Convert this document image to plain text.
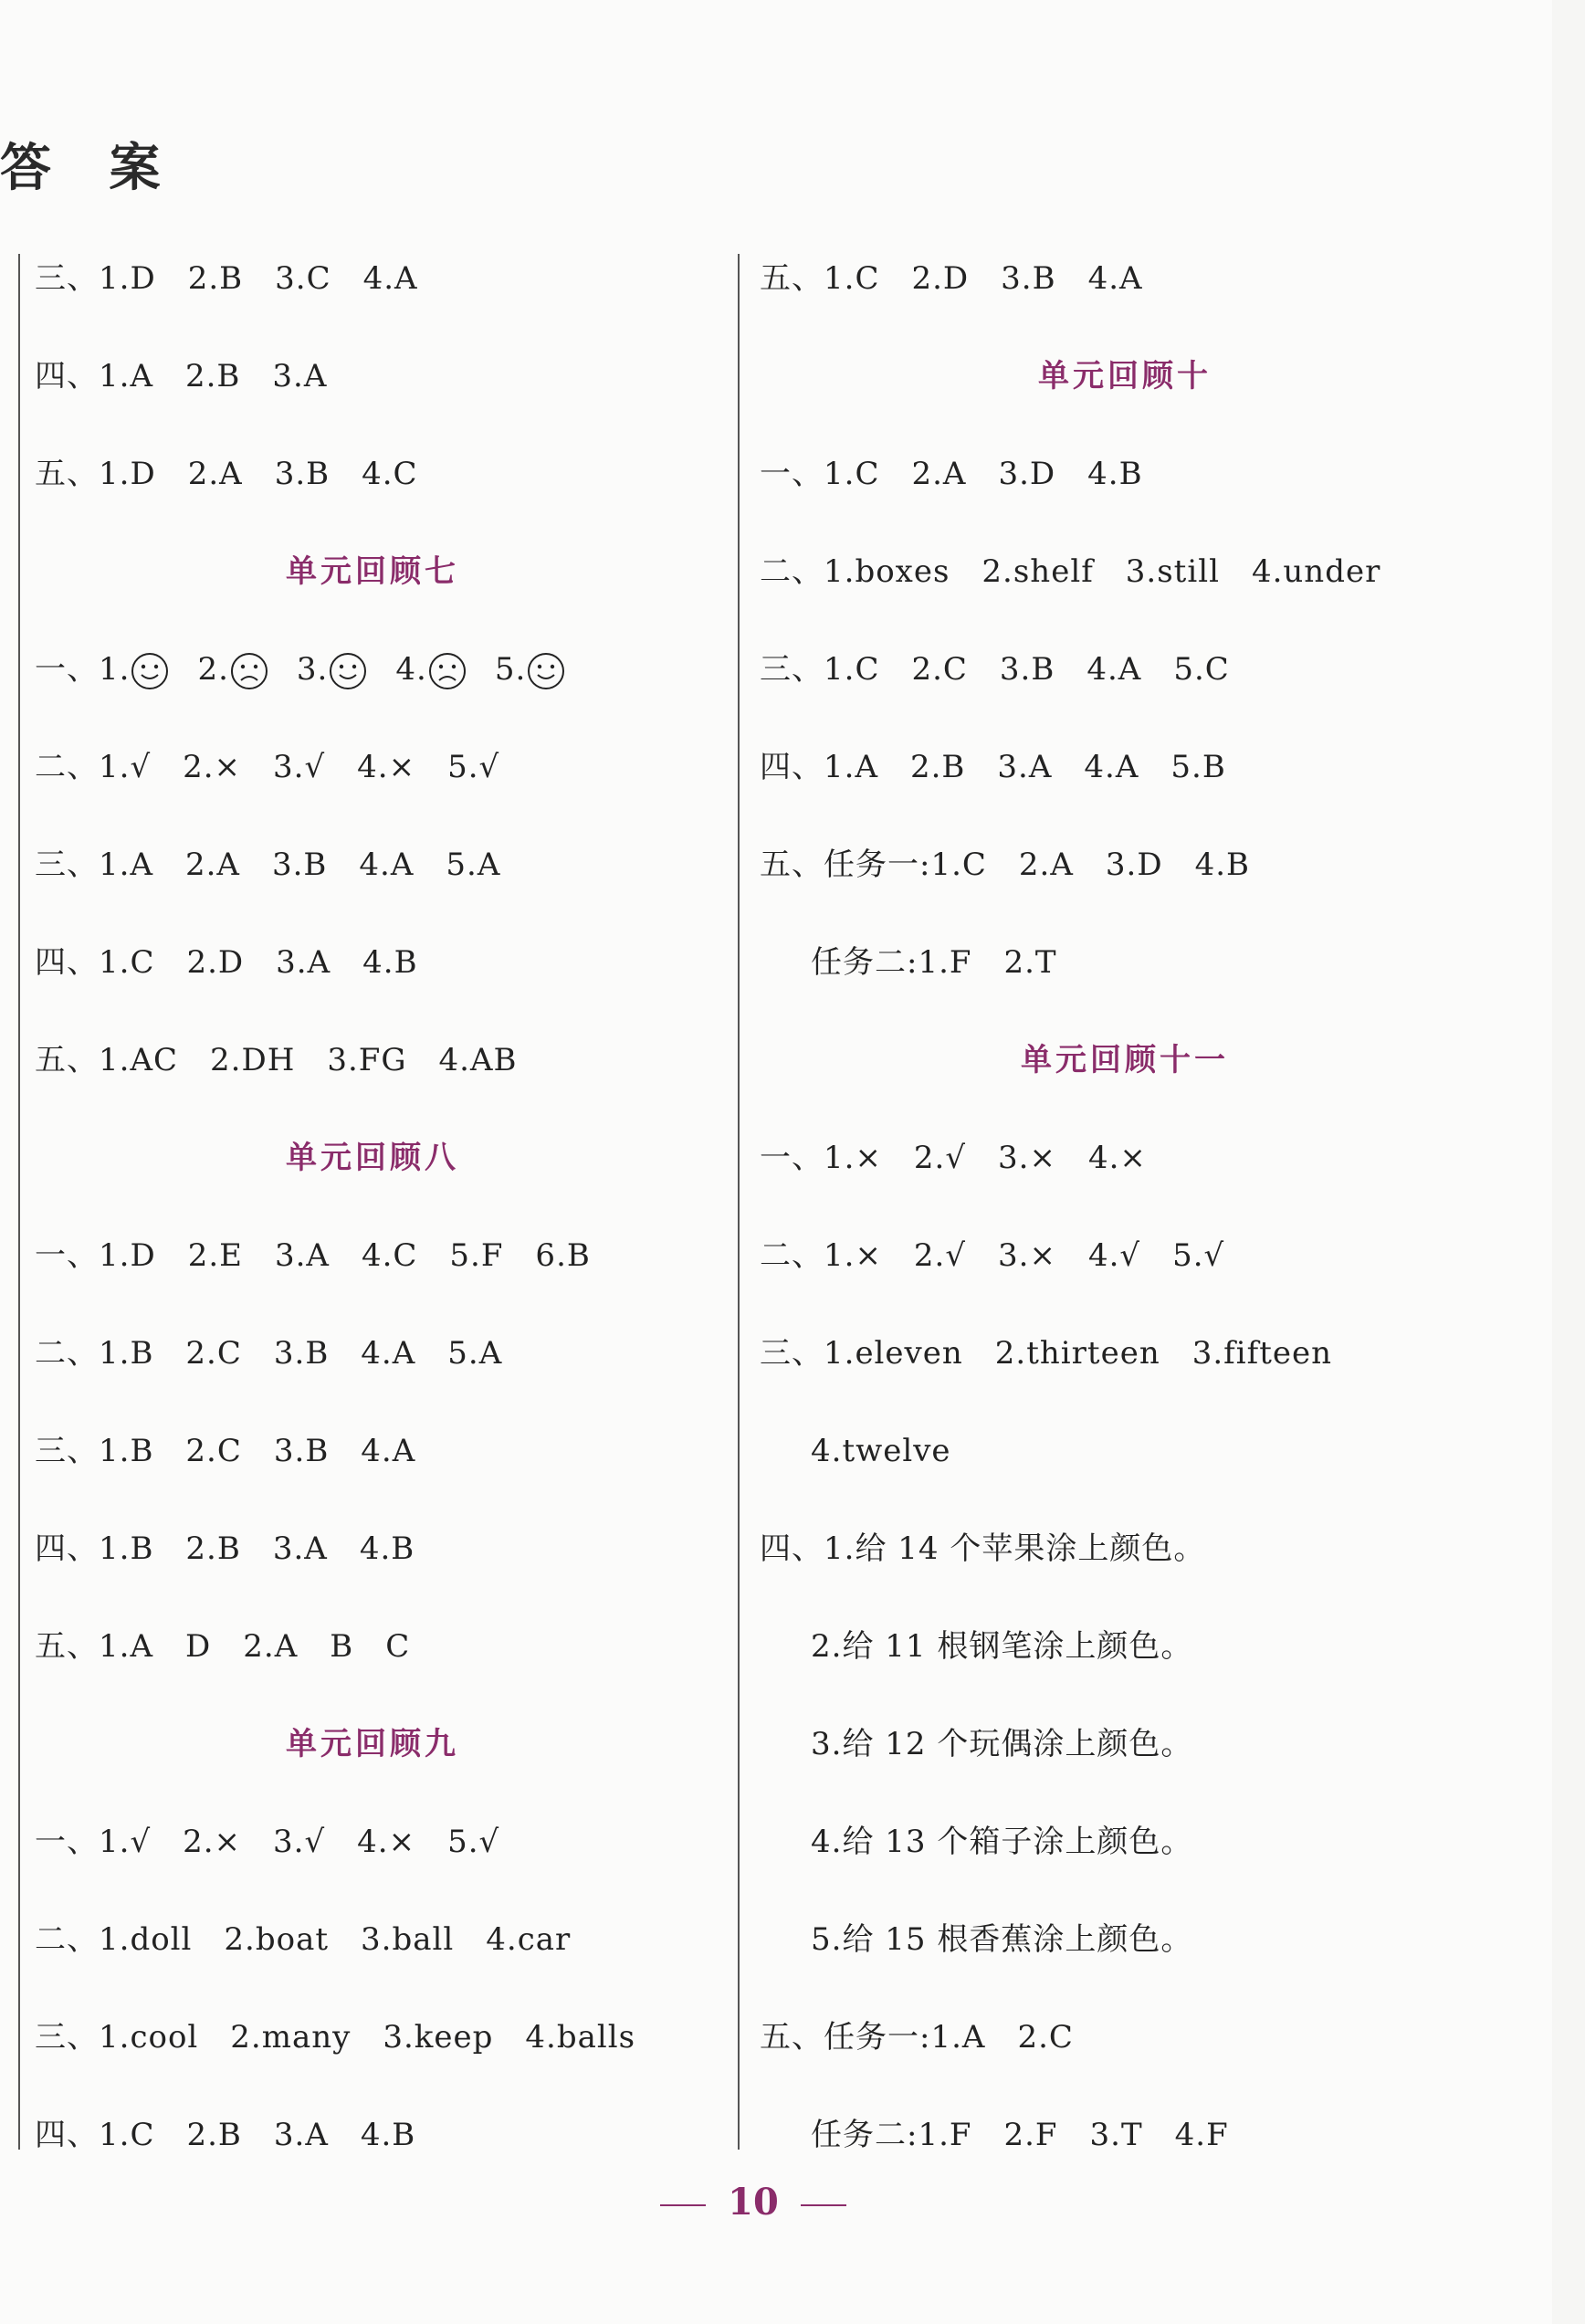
答 案
三、1.D　2.B　3.C　4.A
四、1.A　2.B　3.A
五、1.D　2.A　3.B　4.C
单元回顾七
一、1. 2. 3. 4. 5.
二、1.√　2.×　3.√　4.×　5.√
三、1.A　2.A　3.B　4.A　5.A
四、1.C　2.D　3.A　4.B
五、1.AC　2.DH　3.FG　4.AB
单元回顾八
一、1.D　2.E　3.A　4.C　5.F　6.B
二、1.B　2.C　3.B　4.A　5.A
三、1.B　2.C　3.B　4.A
四、1.B　2.B　3.A　4.B
五、1.A　D　2.A　B　C
单元回顾九
一、1.√　2.×　3.√　4.×　5.√
二、1.doll　2.boat　3.ball　4.car
三、1.cool　2.many　3.keep　4.balls
四、1.C　2.B　3.A　4.B
五、1.C　2.D　3.B　4.A
单元回顾十
一、1.C　2.A　3.D　4.B
二、1.boxes　2.shelf　3.still　4.under
三、1.C　2.C　3.B　4.A　5.C
四、1.A　2.B　3.A　4.A　5.B
五、任务一:1.C　2.A　3.D　4.B
任务二:1.F　2.T
单元回顾十一
一、1.×　2.√　3.×　4.×
二、1.×　2.√　3.×　4.√　5.√
三、1.eleven　2.thirteen　3.fifteen
4.twelve
四、1.给 14 个苹果涂上颜色。
2.给 11 根钢笔涂上颜色。
3.给 12 个玩偶涂上颜色。
4.给 13 个箱子涂上颜色。
5.给 15 根香蕉涂上颜色。
五、任务一:1.A　2.C
任务二:1.F　2.F　3.T　4.F
10
